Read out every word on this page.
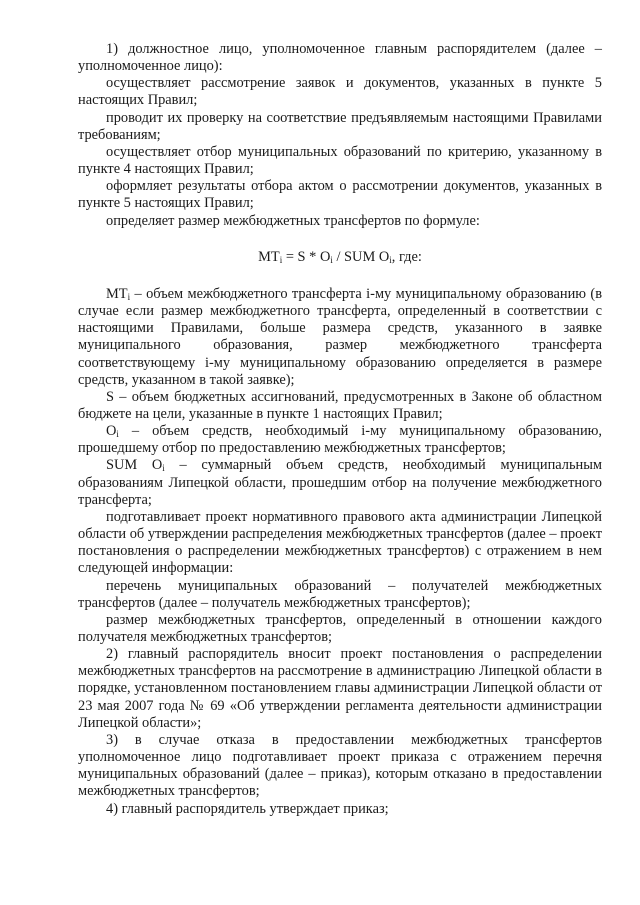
1) должностное лицо, уполномоченное главным распорядителем (далее – уполномоченное лицо):

осуществляет рассмотрение заявок и документов, указанных в пункте 5 настоящих Правил;

проводит их проверку на соответствие предъявляемым настоящими Правилами требованиям;

осуществляет отбор муниципальных образований по критерию, указанному в пункте 4 настоящих Правил;

оформляет результаты отбора актом о рассмотрении документов, указанных в пункте 5 настоящих Правил;

определяет размер межбюджетных трансфертов по формуле:

$MT_i = S * O_i$ / SUM $O_i$, где:

$MT_i$ – объем межбюджетного трансферта i-му муниципальному образованию (в случае если размер межбюджетного трансферта, определенный в соответствии с настоящими Правилами, больше размера средств, указанного в заявке муниципального образования, размер межбюджетного трансферта соответствующему i-му муниципальному образованию определяется в размере средств, указанном в такой заявке);

S – объем бюджетных ассигнований, предусмотренных в Законе об областном бюджете на цели, указанные в пункте 1 настоящих Правил;

$O_i$ – объем средств, необходимый i-му муниципальному образованию, прошедшему отбор по предоставлению межбюджетных трансфертов;

SUM $O_i$ – суммарный объем средств, необходимый муниципальным образованиям Липецкой области, прошедшим отбор на получение межбюджетного трансферта;

подготавливает проект нормативного правового акта администрации Липецкой области об утверждении распределения межбюджетных трансфертов (далее – проект постановления о распределении межбюджетных трансфертов) с отражением в нем следующей информации:

перечень муниципальных образований – получателей межбюджетных трансфертов (далее – получатель межбюджетных трансфертов);

размер межбюджетных трансфертов, определенный в отношении каждого получателя межбюджетных трансфертов;

2) главный распорядитель вносит проект постановления о распределении межбюджетных трансфертов на рассмотрение в администрацию Липецкой области в порядке, установленном постановлением главы администрации Липецкой области от 23 мая 2007 года № 69 «Об утверждении регламента деятельности администрации Липецкой области»;

3) в случае отказа в предоставлении межбюджетных трансфертов уполномоченное лицо подготавливает проект приказа с отражением перечня муниципальных образований (далее – приказ), которым отказано в предоставлении межбюджетных трансфертов;

4) главный распорядитель утверждает приказ;
